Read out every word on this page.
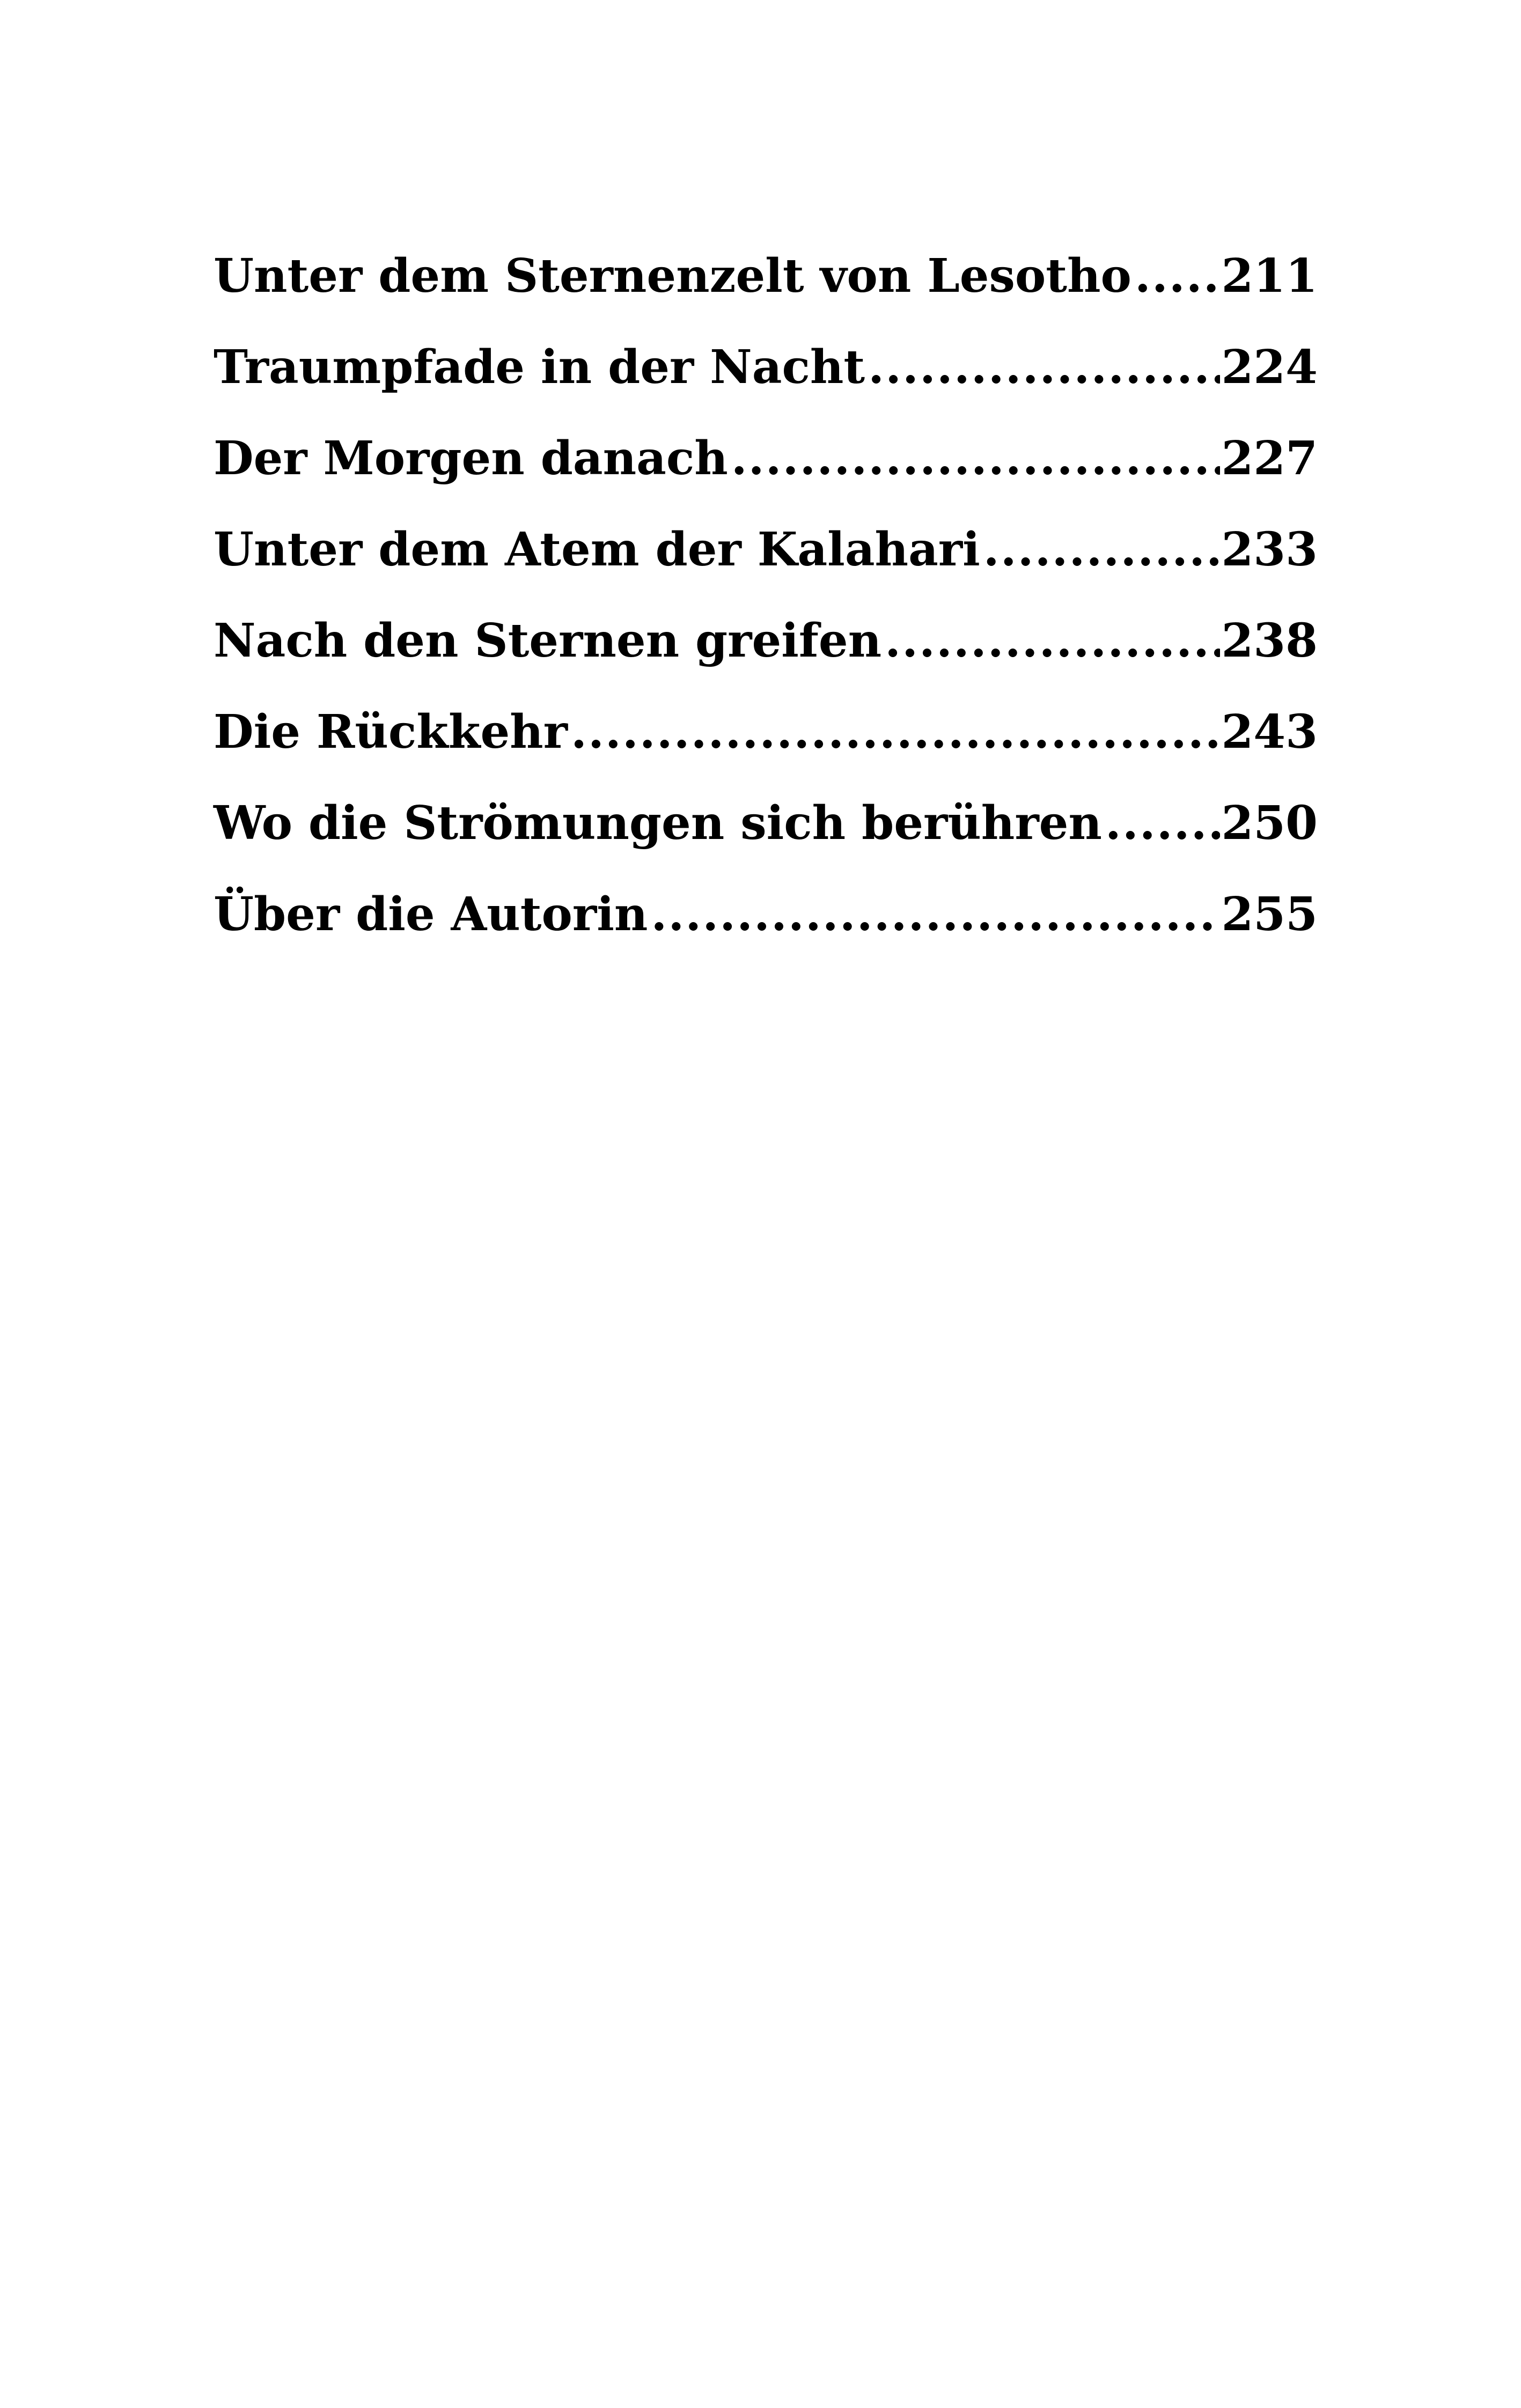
Unter dem Sternenzelt von Lesotho ..... 211
Traumpfade in der Nacht .....	224
Der Morgen danach .....	227
Unter dem Atem der Kalahari .....	233
Nach den Sternen greifen .....	238
Die Rückkehr .....	243
Wo die Strömungen sich berühren .....	250
Über die Autorin .....	255
